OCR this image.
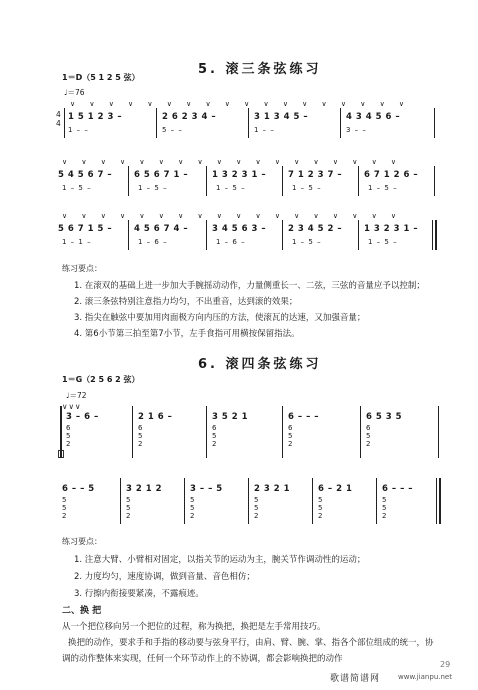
5. 滚三条弦练习
1＝D（5 1 2 5 弦）
♩＝76
∨ ∨ ∨ ∨ ∨ ∨ ∨ ∨ ∨ ∨ ∨ ∨ ∨ ∨ ∨ ∨ ∨ ∨
4
4
1 5 1 2 3 –	2 6 2 3 4 –	3 1 3 4 5 –	4 3 4 5 6 –
1 – –	5 – –	1 – –	3 – –
∨ ∨ ∨ ∨ ∨ ∨ ∨ ∨ ∨ ∨ ∨ ∨ ∨ ∨ ∨ ∨ ∨ ∨
5 4 5 6 7 –	6 5 6 7 1 –	1 3 2 3 1 –	7 1 2 3 7 –	6 7 1 2 6 –
1 – 5 –	1 – 5 –	1 – 5 –	1 – 5 –	1 – 5 –
∨ ∨ ∨ ∨ ∨ ∨ ∨ ∨ ∨ ∨ ∨ ∨ ∨ ∨ ∨ ∨ ∨ ∨
5 6 7 1 5 –	4 5 6 7 4 –	3 4 5 6 3 –	2 3 4 5 2 –	1 3 2 3 1 –
1 – 1 –	1 – 6 –	1 – 6 –	1 – 5 –	1 – 5 –
练习要点：
1. 在滚双的基础上进一步加大手腕摇动动作，力量侧重长一、二弦，三弦的音量应予以控制；
2. 滚三条弦特别注意指力均匀，不出重音，达到滚的效果；
3. 指尖在触弦中要加用肉面极方向内压的方法，使滚瓦的达速，又加强音量；
4. 第6小节第三拍至第7小节，左手食指可用横按保留指法。
6. 滚四条弦练习
1＝G（2 5 6 2 弦）
♩＝72
∨∨∨
3 – 6 –	2 1 6 –	3 5 2 1	6 – – –	6 5 3 5
6 5 2
6 5 2
6 5 2
6 5 2
6 5 2
Ⅱ
6 – – 5	3 2 1 2	3 – – 5	2 3 2 1	6 – 2 1	6 – – –
5 5 2
5 5 2
5 5 2
5 5 2
5 5 2
5 5 2
练习要点：
1. 注意大臂、小臂相对固定，以指关节的运动为主，腕关节作调动性的运动；
2. 力度均匀，速度协调，做到音量、音色相仿；
3. 行擦内衔接要紧凑，不露痕迹。
二、换 把
从一个把位移向另一个把位的过程，称为换把，换把是左手常用技巧。
换把的动作，要求手和手指的移动要与弦身平行，由肩、臂、腕、掌、指各个部位组成的统一，协
调的动作整体来实现，任何一个环节动作上的不协调，都会影响换把的动作
29
歌谱简谱网	www.jianpu.net
